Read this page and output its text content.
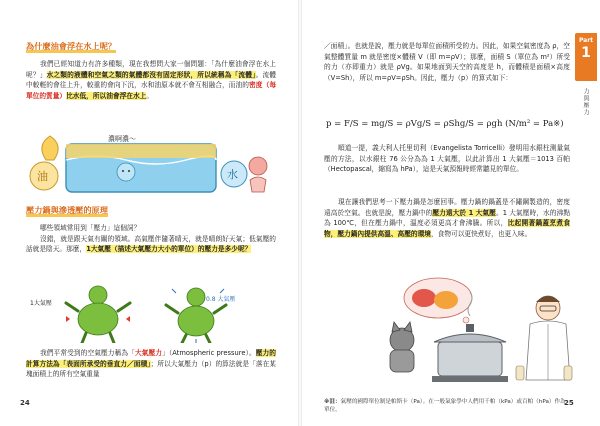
為什麼油會浮在水上呢？
我們已經知道力有許多種類，現在我想問大家一個問題：「為什麼油會浮在水上呢？」水之類的液體和空氣之類的氣體都沒有固定形狀，所以統稱為「流體」。流體中較輕的會往上升，較重的會向下沉，水和油原本就不會互相融合，而油的密度（每單位的質量）比水低，所以油會浮在水上。
油
濃啊濃～
水
壓力鍋與滲透壓的原理
哪些領域常用到「壓力」這個詞？
沒錯，就是跟天氣有關的領域。高氣壓伴隨著晴天，就是晴朗好天氣；低氣壓的話就是陰天。那麼，1大氣壓（描述大氣壓力大小的單位）的壓力是多少呢？
1大氣壓
0.8 大氣壓
我們平常受到的空氣壓力稱為「大氣壓力」（Atmospheric pressure）。壓力的計算方法為「表面所承受的垂直力／面積」；所以大氣壓力（p）的算法就是「落在某塊面積上的所有空氣重量
24
／面積」。也就是說，壓力就是每單位面積所受的力。因此，如果空氣密度為 ρ，空氣整體質量 m 就是密度×體積 V（即 m=ρV）；那麼，面積 S（單位為 m²）所受的力（亦即重力）就是 ρVg。如果地面到天空的高度是 h，而體積是面積×高度（V=Sh），所以 m=ρV=ρSh。因此，壓力（p）的算式如下：
p = F/S = mg/S = ρVg/S = ρShg/S = ρgh (N/m² = Pa※)
順道一提，義大利人托里切利（Evangelista Torricelli）發明用水銀柱測量氣壓的方法，以水銀柱 76 公分為為 1 大氣壓，以此計算出 1 大氣壓＝1013 百帕（Hectopascal，縮寫為 hPa），這是天氣預報時經常聽見的單位。
現在讓我們思考一下壓力鍋是怎麼回事。壓力鍋的鍋蓋是不鏽鋼製造的，密度遠高於空氣。也就是說，壓力鍋中的壓力遠大於 1 大氣壓。1 大氣壓時，水的沸點為 100℃，但在壓力鍋中，溫度必須更高才會沸騰。所以，比起開著鍋蓋烹煮食物，壓力鍋內提供高溫、高壓的環境，食物可以更快煮好，也更入味。
※註：氣壓的國際單位制是帕斯卡（Pa）。在一般氣象學中人們用千帕（kPa）或百帕（hPa）作為單位。
25
Part
1
力與壓力
